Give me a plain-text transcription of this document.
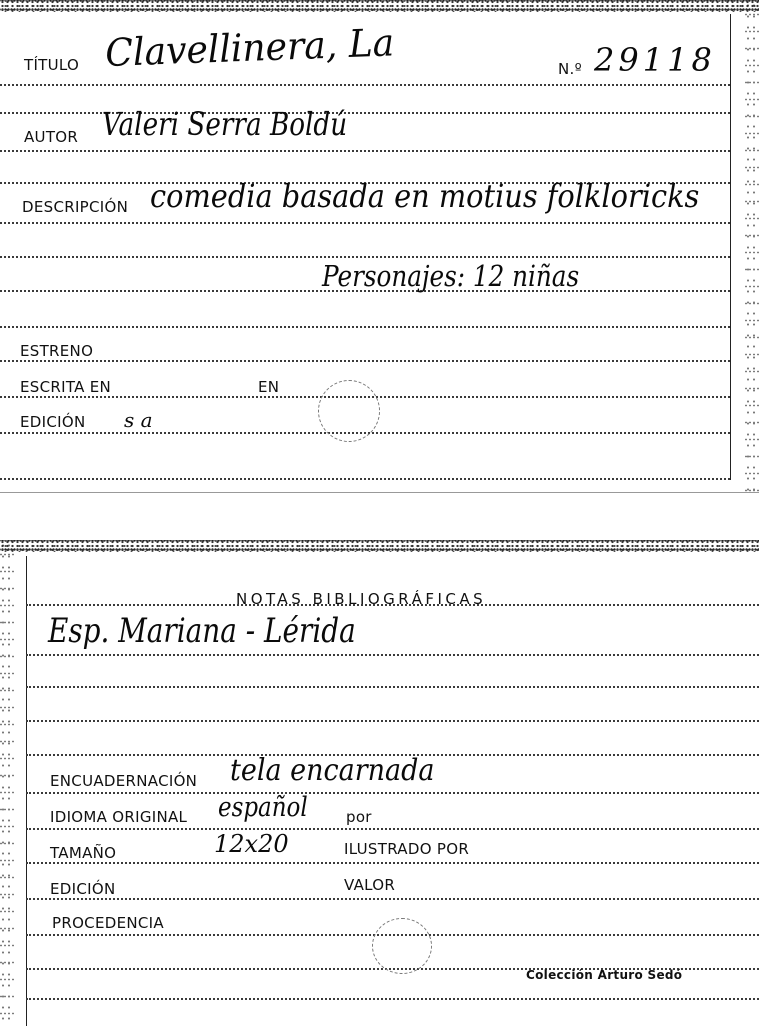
TÍTULO Clavellinera, La	N.º 29118
AUTOR Valeri Serra Boldú
DESCRIPCIÓN comedia basada en motius folkloricks
Personajes: 12 niñas
ESTRENO
ESCRITA EN	EN
EDICIÓN s a
NOTAS BIBLIOGRÁFICAS
Esp. Mariana - Lérida
ENCUADERNACIÓN tela encarnada
IDIOMA ORIGINAL español	por
TAMAÑO	12x20	ILUSTRADO POR
EDICIÓN	VALOR
PROCEDENCIA
Colección Arturo Sedó
